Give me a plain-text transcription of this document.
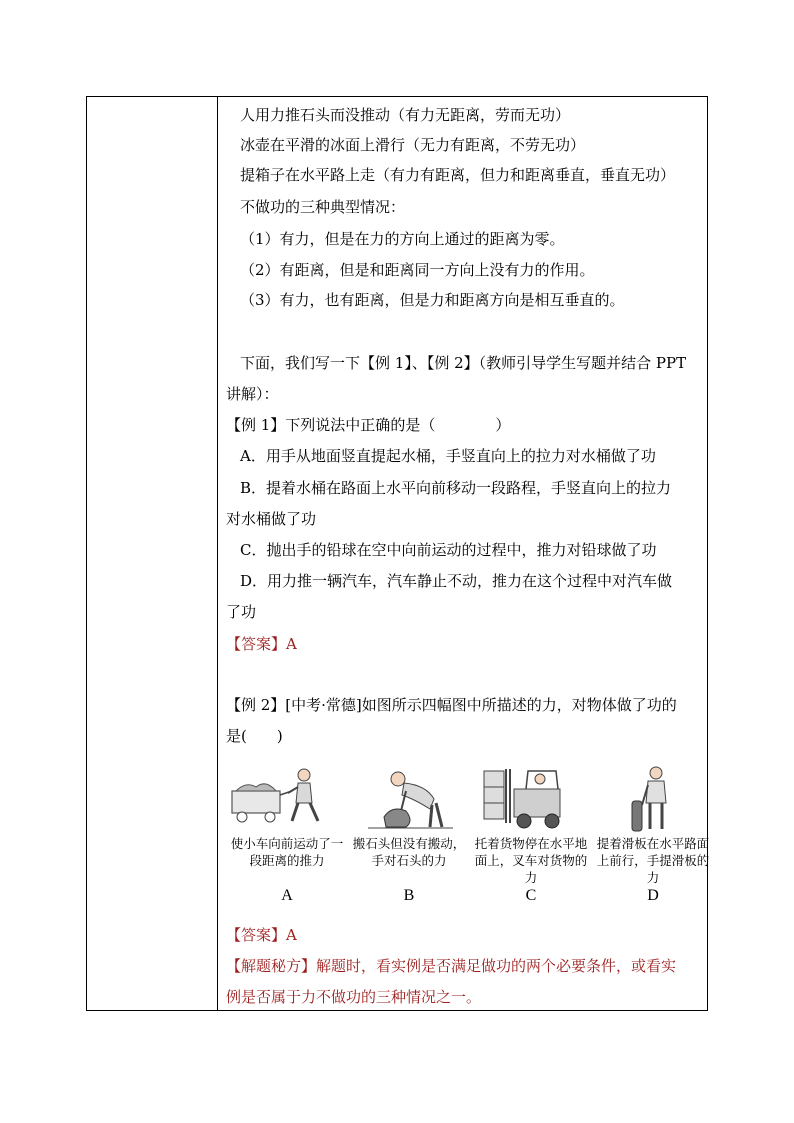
人用力推石头而没推动（有力无距离，劳而无功）
冰壶在平滑的冰面上滑行（无力有距离，不劳无功）
提箱子在水平路上走（有力有距离，但力和距离垂直，垂直无功）
不做功的三种典型情况：
（1）有力，但是在力的方向上通过的距离为零。
（2）有距离，但是和距离同一方向上没有力的作用。
（3）有力，也有距离，但是力和距离方向是相互垂直的。
下面，我们写一下【例 1】、【例 2】（教师引导学生写题并结合 PPT
讲解）：
【例 1】下列说法中正确的是（　　　　）
A．用手从地面竖直提起水桶，手竖直向上的拉力对水桶做了功
B．提着水桶在路面上水平向前移动一段路程，手竖直向上的拉力
对水桶做了功
C．抛出手的铅球在空中向前运动的过程中，推力对铅球做了功
D．用力推一辆汽车，汽车静止不动，推力在这个过程中对汽车做
了功
【答案】A
【例 2】[中考·常德]如图所示四幅图中所描述的力，对物体做了功的
是(　　)
使小车向前运动了一段距离的推力
A
搬石头但没有搬动，手对石头的力
B
托着货物停在水平地面上，叉车对货物的力
C
提着滑板在水平路面上前行，手提滑板的力
D
【答案】A
【解题秘方】解题时，看实例是否满足做功的两个必要条件，或看实
例是否属于力不做功的三种情况之一。
